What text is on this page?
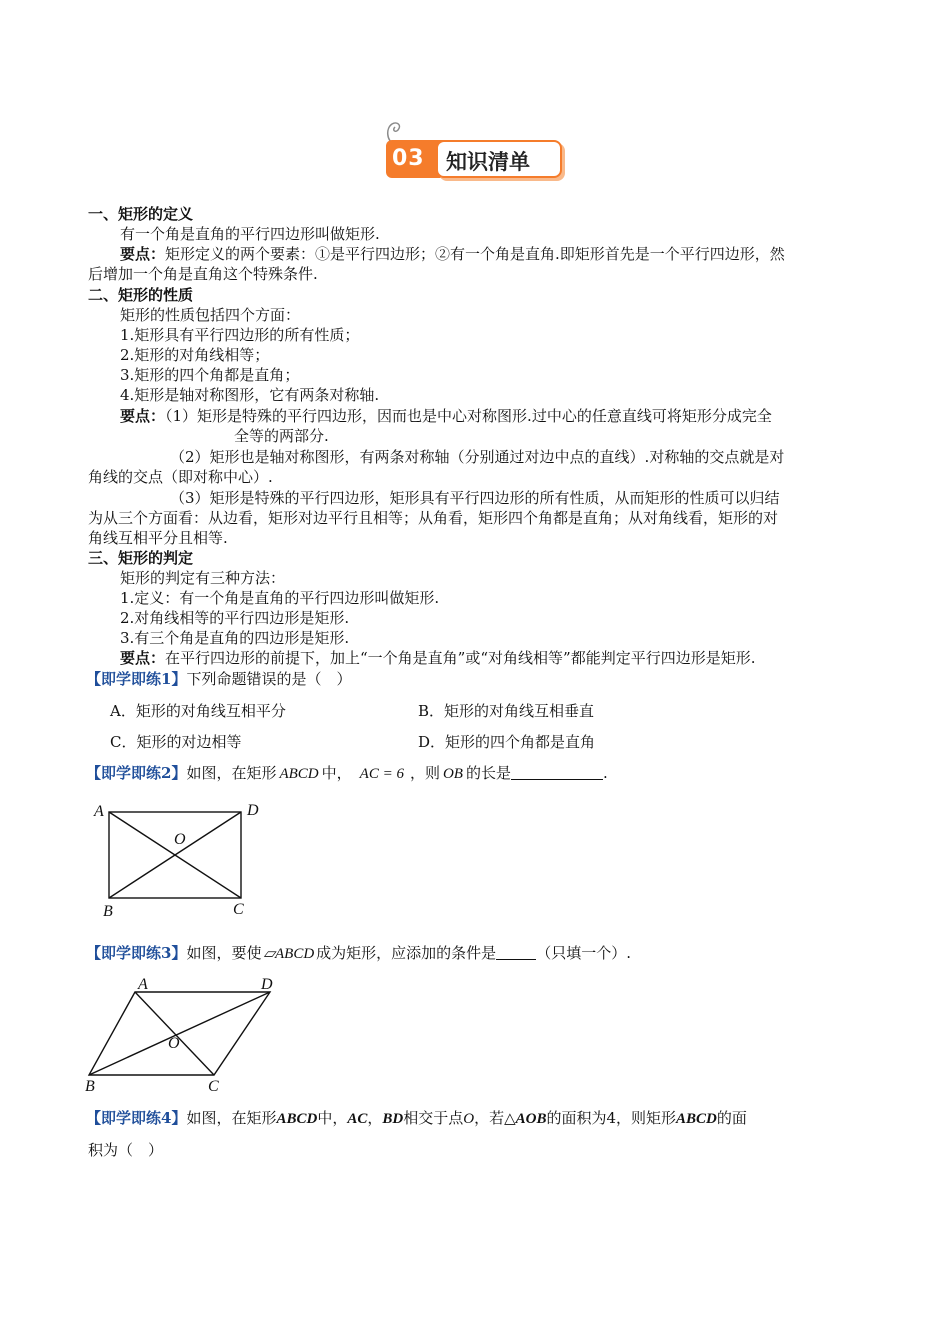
03 知识清单
一、矩形的定义
有一个角是直角的平行四边形叫做矩形.
要点：矩形定义的两个要素：①是平行四边形；②有一个角是直角.即矩形首先是一个平行四边形，然
后增加一个角是直角这个特殊条件.
二、矩形的性质
矩形的性质包括四个方面：
1.矩形具有平行四边形的所有性质；
2.矩形的对角线相等；
3.矩形的四个角都是直角；
4.矩形是轴对称图形，它有两条对称轴.
要点：（1）矩形是特殊的平行四边形，因而也是中心对称图形.过中心的任意直线可将矩形分成完全
全等的两部分.
（2）矩形也是轴对称图形，有两条对称轴（分别通过对边中点的直线）.对称轴的交点就是对
角线的交点（即对称中心）.
（3）矩形是特殊的平行四边形，矩形具有平行四边形的所有性质，从而矩形的性质可以归结
为从三个方面看：从边看，矩形对边平行且相等；从角看，矩形四个角都是直角；从对角线看，矩形的对
角线互相平分且相等.
三、矩形的判定
矩形的判定有三种方法：
1.定义：有一个角是直角的平行四边形叫做矩形.
2.对角线相等的平行四边形是矩形.
3.有三个角是直角的四边形是矩形.
要点：在平行四边形的前提下，加上“一个角是直角”或“对角线相等”都能判定平行四边形是矩形.
【即学即练1】下列命题错误的是（　）
A．矩形的对角线互相平分	B．矩形的对角线互相垂直
C．矩形的对边相等	D．矩形的四个角都是直角
【即学即练2】如图，在矩形 ABCD 中， AC = 6 ，则 OB 的长是	.
A	D
O
B	C
【即学即练3】如图，要使 ▱ABCD 成为矩形，应添加的条件是	（只填一个）.
A	D
O
B	C
【即学即练4】如图，在矩形ABCD中，AC，BD相交于点O，若△AOB的面积为4，则矩形ABCD的面
积为（　）
